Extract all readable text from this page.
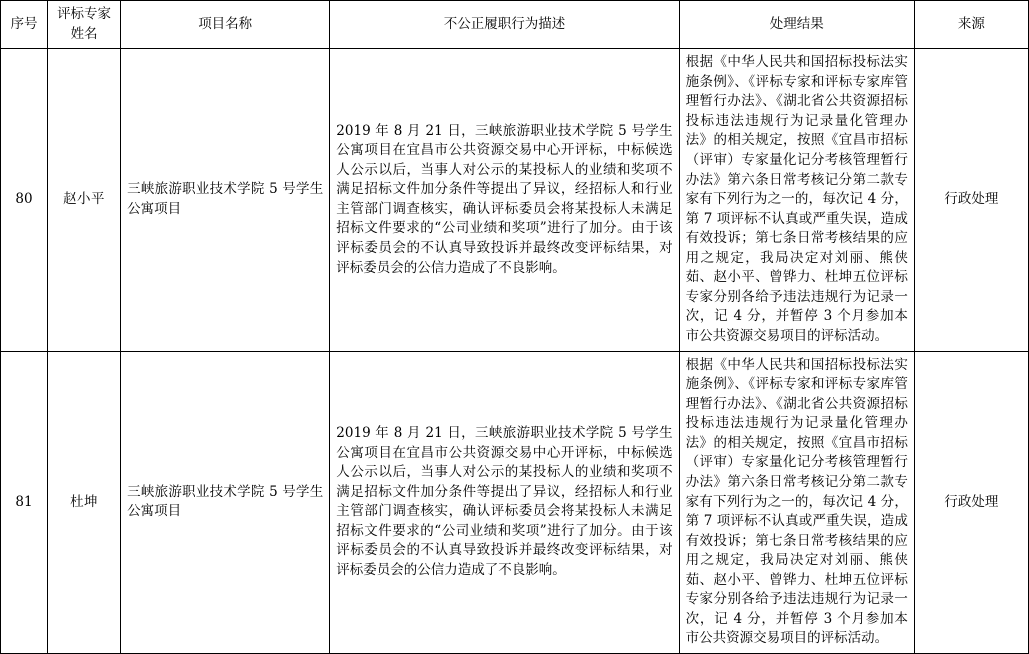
序号	评标专家姓名	项目名称	不公正履职行为描述	处理结果	来源
80	赵小平	三峡旅游职业技术学院 5 号学生公寓项目	2019 年 8 月 21 日，三峡旅游职业技术学院 5 号学生公寓项目在宜昌市公共资源交易中心开评标，中标候选人公示以后，当事人对公示的某投标人的业绩和奖项不满足招标文件加分条件等提出了异议，经招标人和行业主管部门调查核实，确认评标委员会将某投标人未满足招标文件要求的“公司业绩和奖项”进行了加分。由于该评标委员会的不认真导致投诉并最终改变评标结果，对评标委员会的公信力造成了不良影响。	根据《中华人民共和国招标投标法实施条例》、《评标专家和评标专家库管理暂行办法》、《湖北省公共资源招标投标违法违规行为记录量化管理办法》的相关规定，按照《宜昌市招标（评审）专家量化记分考核管理暂行办法》第六条日常考核记分第二款专家有下列行为之一的，每次记 4 分，第 7 项评标不认真或严重失误，造成有效投诉；第七条日常考核结果的应用之规定，我局决定对刘丽、熊侠茹、赵小平、曾铧力、杜坤五位评标专家分别各给予违法违规行为记录一次，记 4 分，并暂停 3 个月参加本市公共资源交易项目的评标活动。	行政处理
81	杜坤	三峡旅游职业技术学院 5 号学生公寓项目	2019 年 8 月 21 日，三峡旅游职业技术学院 5 号学生公寓项目在宜昌市公共资源交易中心开评标，中标候选人公示以后，当事人对公示的某投标人的业绩和奖项不满足招标文件加分条件等提出了异议，经招标人和行业主管部门调查核实，确认评标委员会将某投标人未满足招标文件要求的“公司业绩和奖项”进行了加分。由于该评标委员会的不认真导致投诉并最终改变评标结果，对评标委员会的公信力造成了不良影响。	根据《中华人民共和国招标投标法实施条例》、《评标专家和评标专家库管理暂行办法》、《湖北省公共资源招标投标违法违规行为记录量化管理办法》的相关规定，按照《宜昌市招标（评审）专家量化记分考核管理暂行办法》第六条日常考核记分第二款专家有下列行为之一的，每次记 4 分，第 7 项评标不认真或严重失误，造成有效投诉；第七条日常考核结果的应用之规定，我局决定对刘丽、熊侠茹、赵小平、曾铧力、杜坤五位评标专家分别各给予违法违规行为记录一次，记 4 分，并暂停 3 个月参加本市公共资源交易项目的评标活动。	行政处理
